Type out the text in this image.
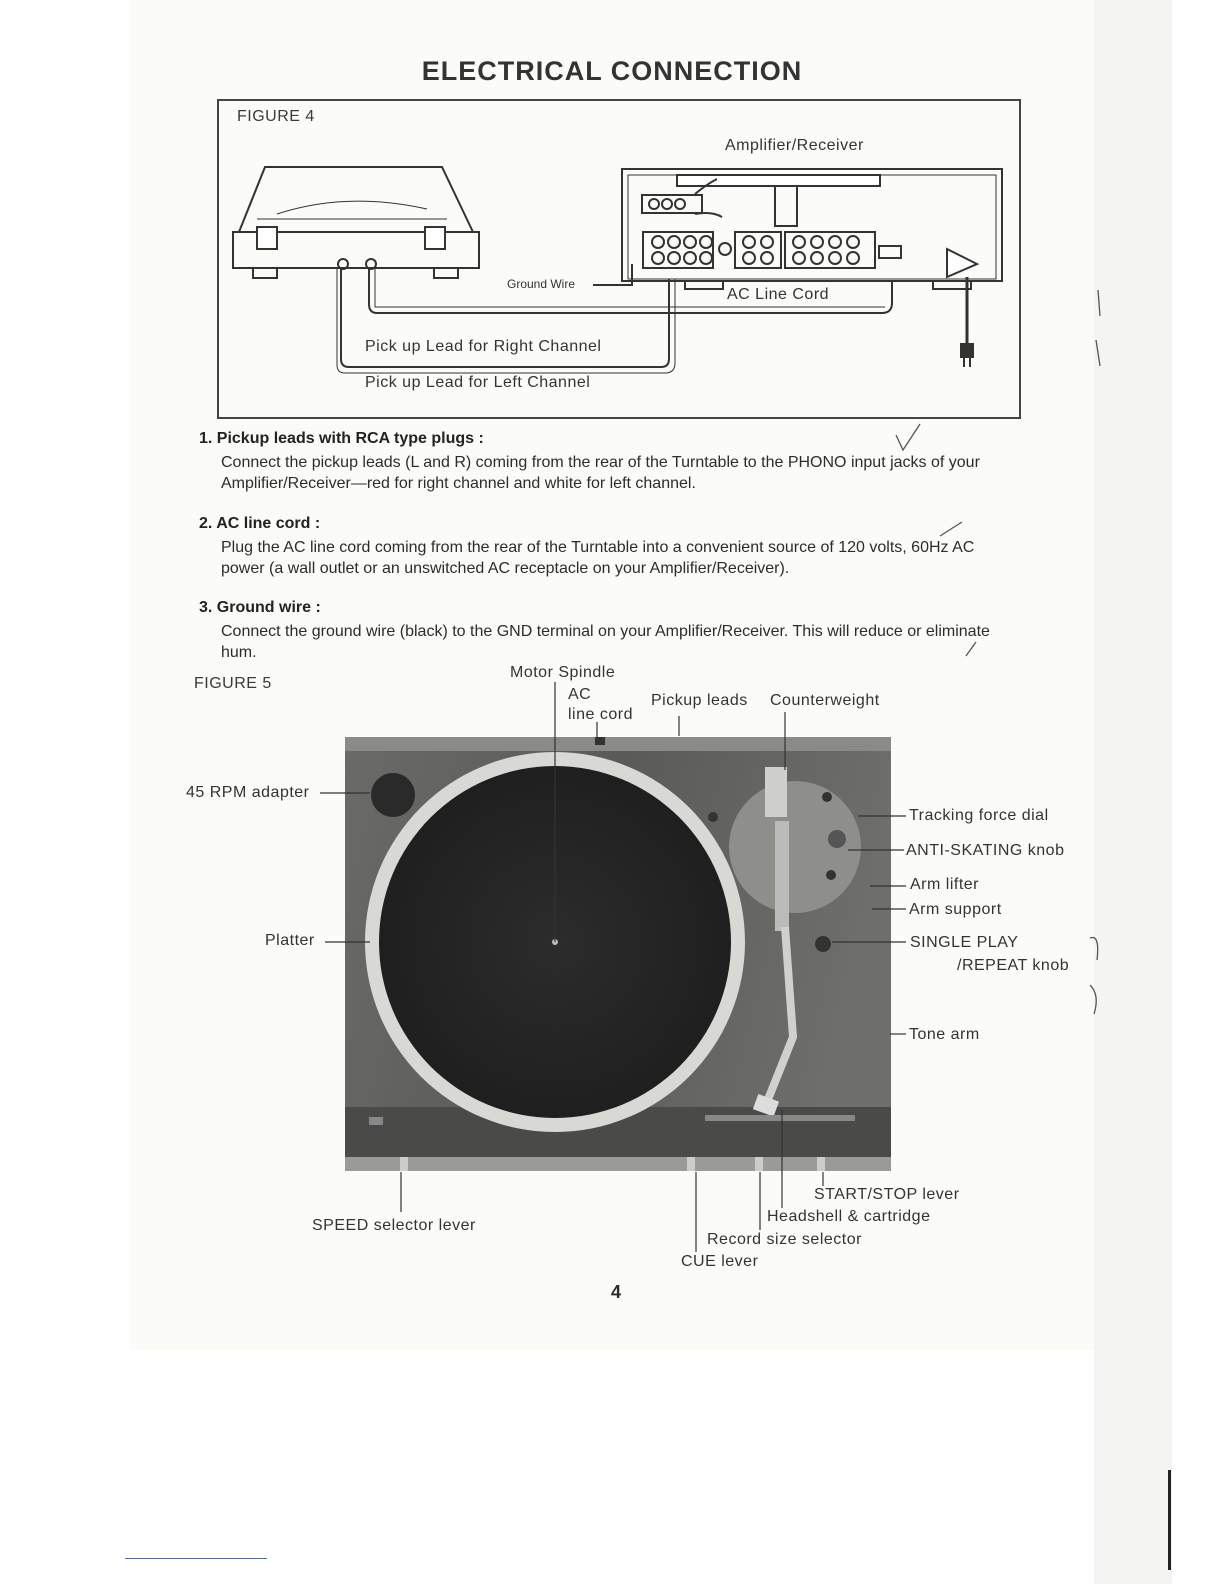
ELECTRICAL CONNECTION
FIGURE 4
Amplifier/Receiver
Ground Wire
AC Line Cord
Pick up Lead for Right Channel
Pick up Lead for Left Channel
1. Pickup leads with RCA type plugs :
Connect the pickup leads (L and R) coming from the rear of the Turntable to the PHONO input jacks of your
Amplifier/Receiver—red for right channel and white for left channel.
2. AC line cord :
Plug the AC line cord coming from the rear of the Turntable into a convenient source of 120 volts, 60Hz AC
power (a wall outlet or an unswitched AC receptacle on your Amplifier/Receiver).
3. Ground wire :
Connect the ground wire (black) to the GND terminal on your Amplifier/Receiver. This will reduce or eliminate
hum.
FIGURE 5
Motor Spindle
AC
line cord
Pickup leads Counterweight
45 RPM adapter
Tracking force dial
ANTI-SKATING knob
Arm lifter
Arm support
SINGLE PLAY
/REPEAT knob
Platter
Tone arm
START/STOP lever
Headshell & cartridge
SPEED selector lever
Record size selector
CUE lever
4
